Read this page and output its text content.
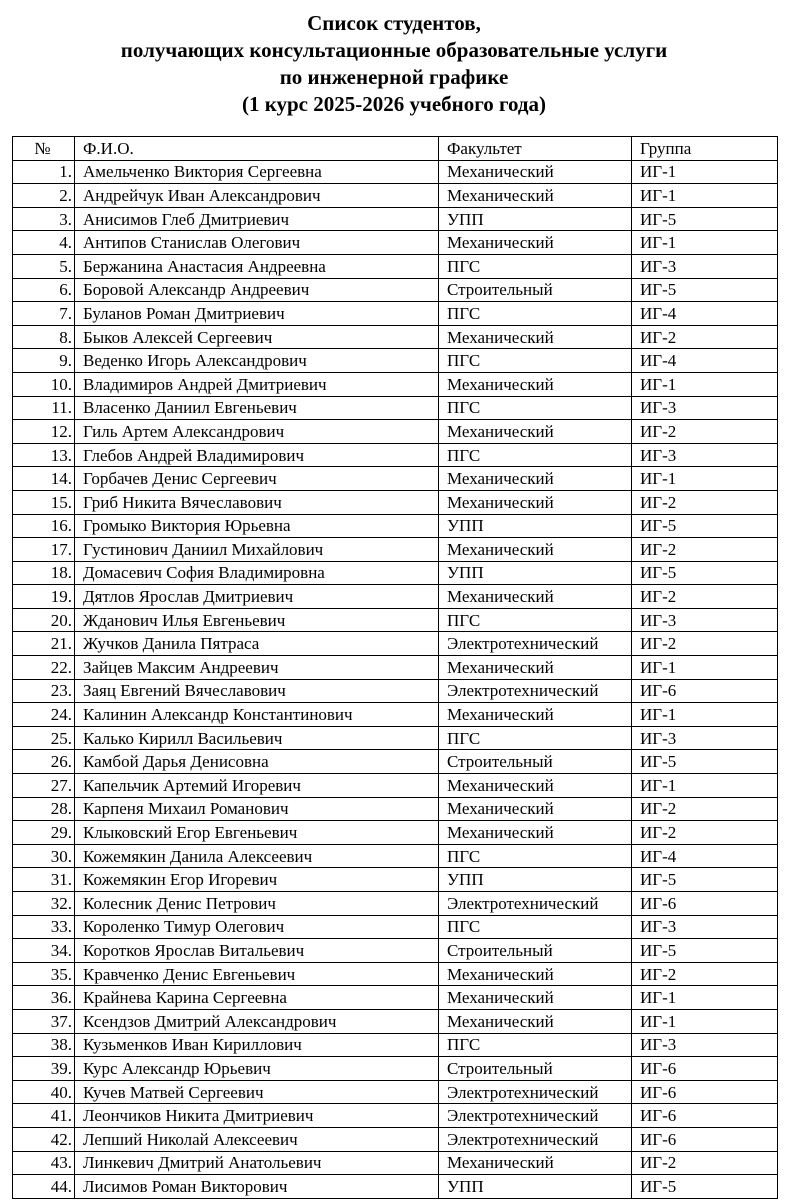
Список студентов,
получающих консультационные образовательные услуги
по инженерной графике
(1 курс 2025-2026 учебного года)
№	Ф.И.О.	Факультет	Группа
1.	Амельченко Виктория Сергеевна	Механический	ИГ-1
2.	Андрейчук Иван Александрович	Механический	ИГ-1
3.	Анисимов Глеб Дмитриевич	УПП	ИГ-5
4.	Антипов Станислав Олегович	Механический	ИГ-1
5.	Бержанина Анастасия Андреевна	ПГС	ИГ-3
6.	Боровой Александр Андреевич	Строительный	ИГ-5
7.	Буланов Роман Дмитриевич	ПГС	ИГ-4
8.	Быков Алексей Сергеевич	Механический	ИГ-2
9.	Веденко Игорь Александрович	ПГС	ИГ-4
10.	Владимиров Андрей Дмитриевич	Механический	ИГ-1
11.	Власенко Даниил Евгеньевич	ПГС	ИГ-3
12.	Гиль Артем Александрович	Механический	ИГ-2
13.	Глебов Андрей Владимирович	ПГС	ИГ-3
14.	Горбачев Денис Сергеевич	Механический	ИГ-1
15.	Гриб Никита Вячеславович	Механический	ИГ-2
16.	Громыко Виктория Юрьевна	УПП	ИГ-5
17.	Густинович Даниил Михайлович	Механический	ИГ-2
18.	Домасевич София Владимировна	УПП	ИГ-5
19.	Дятлов Ярослав Дмитриевич	Механический	ИГ-2
20.	Жданович Илья Евгеньевич	ПГС	ИГ-3
21.	Жучков Данила Пятраса	Электротехнический	ИГ-2
22.	Зайцев Максим Андреевич	Механический	ИГ-1
23.	Заяц Евгений Вячеславович	Электротехнический	ИГ-6
24.	Калинин Александр Константинович	Механический	ИГ-1
25.	Калько Кирилл Васильевич	ПГС	ИГ-3
26.	Камбой Дарья Денисовна	Строительный	ИГ-5
27.	Капельчик Артемий Игоревич	Механический	ИГ-1
28.	Карпеня Михаил Романович	Механический	ИГ-2
29.	Клыковский Егор Евгеньевич	Механический	ИГ-2
30.	Кожемякин Данила Алексеевич	ПГС	ИГ-4
31.	Кожемякин Егор Игоревич	УПП	ИГ-5
32.	Колесник Денис Петрович	Электротехнический	ИГ-6
33.	Короленко Тимур Олегович	ПГС	ИГ-3
34.	Коротков Ярослав Витальевич	Строительный	ИГ-5
35.	Кравченко Денис Евгеньевич	Механический	ИГ-2
36.	Крайнева Карина Сергеевна	Механический	ИГ-1
37.	Ксендзов Дмитрий Александрович	Механический	ИГ-1
38.	Кузьменков Иван Кириллович	ПГС	ИГ-3
39.	Курс Александр Юрьевич	Строительный	ИГ-6
40.	Кучев Матвей Сергеевич	Электротехнический	ИГ-6
41.	Леончиков Никита Дмитриевич	Электротехнический	ИГ-6
42.	Лепший Николай Алексеевич	Электротехнический	ИГ-6
43.	Линкевич Дмитрий Анатольевич	Механический	ИГ-2
44.	Лисимов Роман Викторович	УПП	ИГ-5
